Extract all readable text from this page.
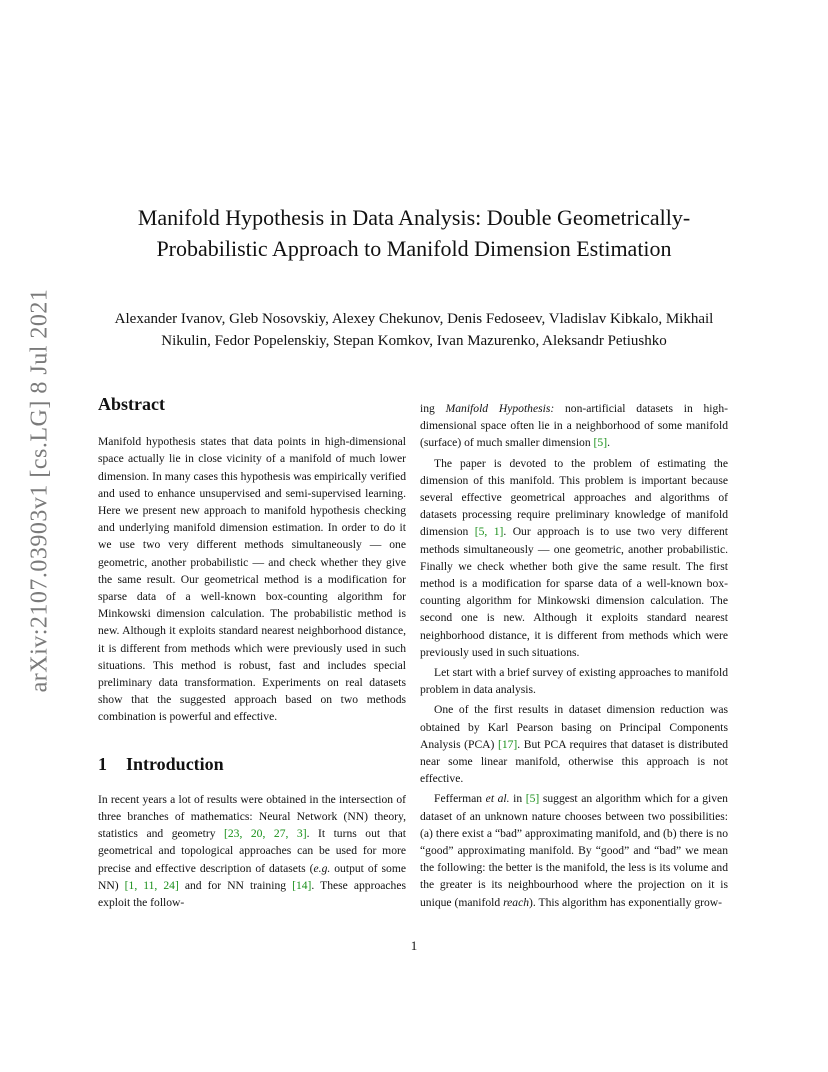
arXiv:2107.03903v1 [cs.LG] 8 Jul 2021
Manifold Hypothesis in Data Analysis: Double Geometrically-Probabilistic Approach to Manifold Dimension Estimation
Alexander Ivanov, Gleb Nosovskiy, Alexey Chekunov, Denis Fedoseev, Vladislav Kibkalo, Mikhail Nikulin, Fedor Popelenskiy, Stepan Komkov, Ivan Mazurenko, Aleksandr Petiushko
Abstract

Manifold hypothesis states that data points in high-dimensional space actually lie in close vicinity of a manifold of much lower dimension. In many cases this hypothesis was empirically verified and used to enhance unsupervised and semi-supervised learning. Here we present new approach to manifold hypothesis checking and underlying manifold dimension estimation. In order to do it we use two very different methods simultaneously — one geometric, another probabilistic — and check whether they give the same result. Our geometrical method is a modification for sparse data of a well-known box-counting algorithm for Minkowski dimension calculation. The probabilistic method is new. Although it exploits standard nearest neighborhood distance, it is different from methods which were previously used in such situations. This method is robust, fast and includes special preliminary data transformation. Experiments on real datasets show that the suggested approach based on two methods combination is powerful and effective.

1 Introduction

In recent years a lot of results were obtained in the intersection of three branches of mathematics: Neural Network (NN) theory, statistics and geometry [23, 20, 27, 3]. It turns out that geometrical and topological approaches can be used for more precise and effective description of datasets (e.g. output of some NN) [1, 11, 24] and for NN training [14]. These approaches exploit the follow-

ing Manifold Hypothesis: non-artificial datasets in high-dimensional space often lie in a neighborhood of some manifold (surface) of much smaller dimension [5].

The paper is devoted to the problem of estimating the dimension of this manifold. This problem is important because several effective geometrical approaches and algorithms of datasets processing require preliminary knowledge of manifold dimension [5, 1]. Our approach is to use two very different methods simultaneously — one geometric, another probabilistic. Finally we check whether both give the same result. The first method is a modification for sparse data of a well-known box-counting algorithm for Minkowski dimension calculation. The second one is new. Although it exploits standard nearest neighborhood distance, it is different from methods which were previously used in such situations.

Let start with a brief survey of existing approaches to manifold problem in data analysis.

One of the first results in dataset dimension reduction was obtained by Karl Pearson basing on Principal Components Analysis (PCA) [17]. But PCA requires that dataset is distributed near some linear manifold, otherwise this approach is not effective.

Fefferman et al. in [5] suggest an algorithm which for a given dataset of an unknown nature chooses between two possibilities: (a) there exist a “bad” approximating manifold, and (b) there is no “good” approximating manifold. By “good” and “bad” we mean the following: the better is the manifold, the less is its volume and the greater is its neighbourhood where the projection on it is unique (manifold reach). This algorithm has exponentially grow-

1
